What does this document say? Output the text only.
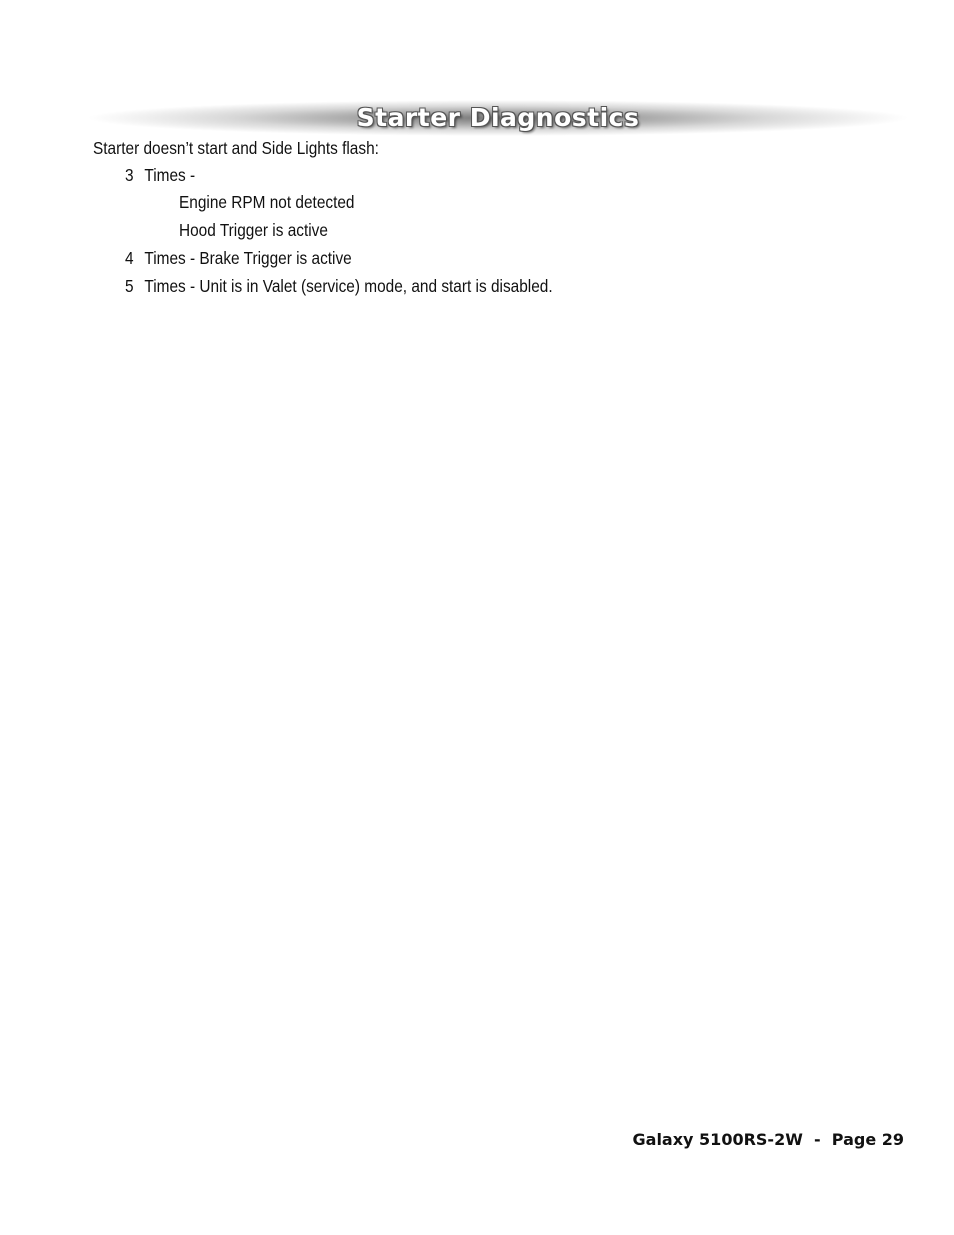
Starter Diagnostics
Starter doesn’t start and Side Lights flash:
3 Times -
Engine RPM not detected
Hood Trigger is active
4 Times - Brake Trigger is active
5 Times - Unit is in Valet (service) mode, and start is disabled.
Galaxy 5100RS-2W  -  Page 29
